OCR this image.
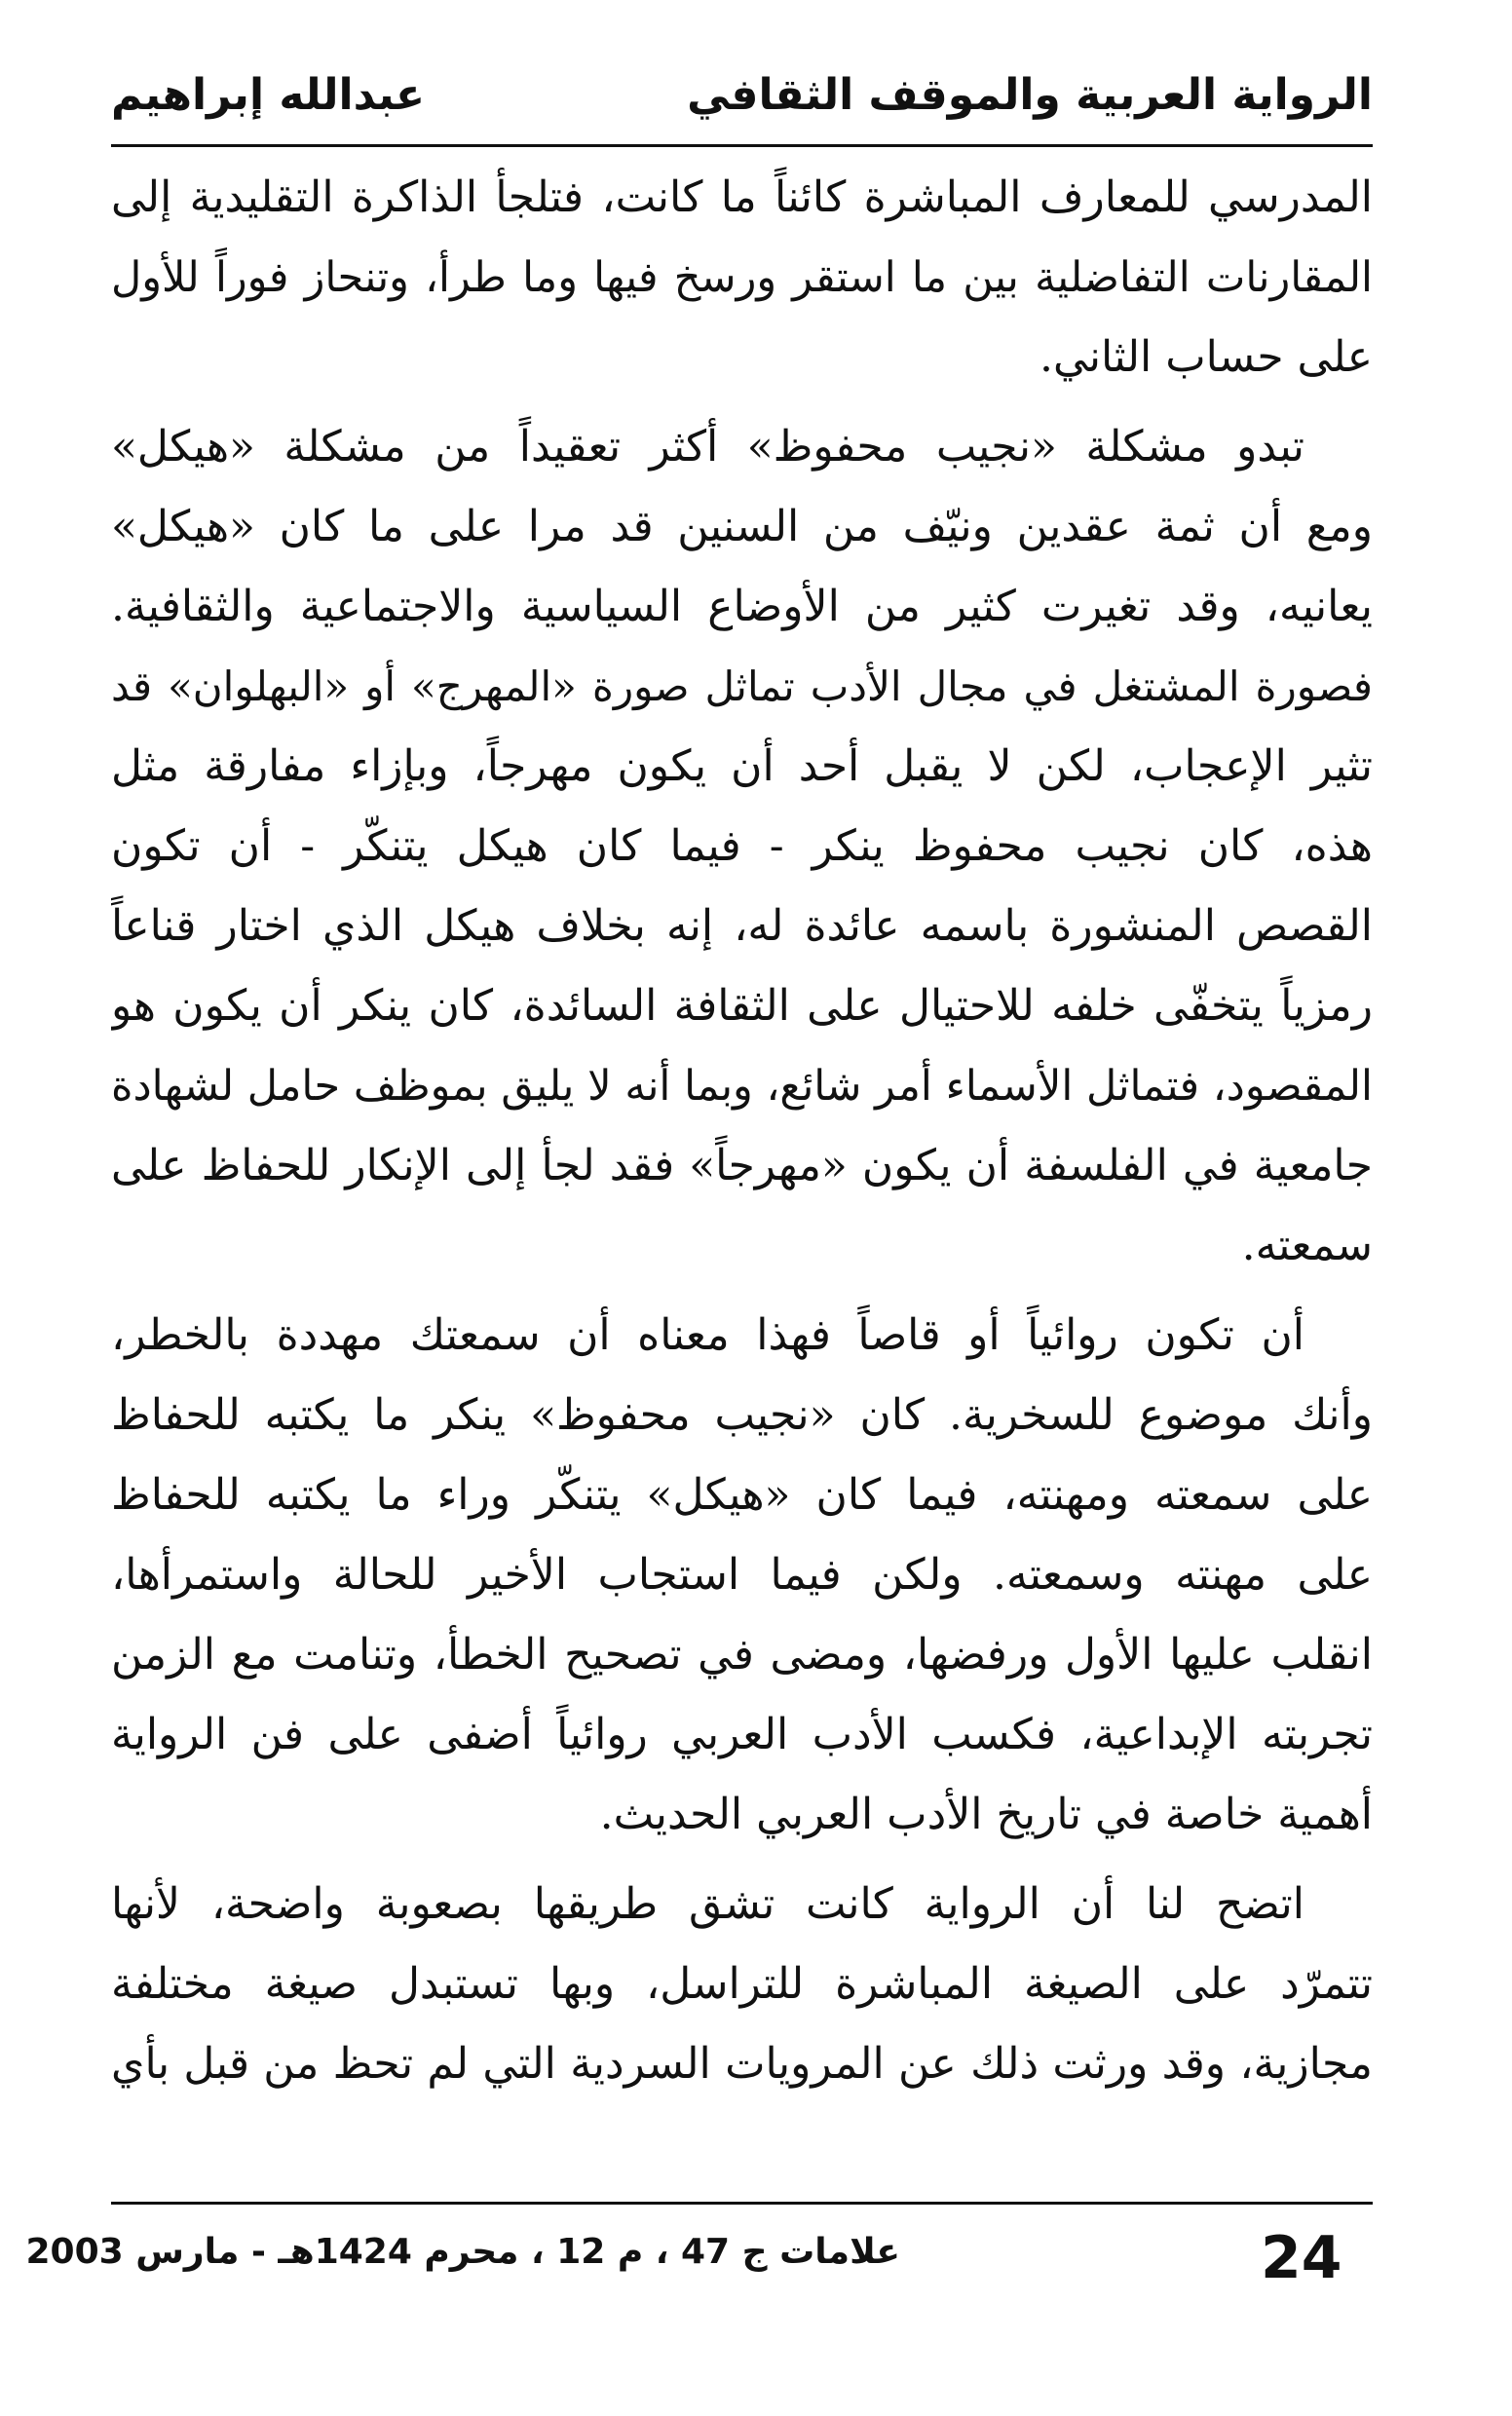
الرواية العربية والموقف الثقافي
عبدالله إبراهيم
المدرسي للمعارف المباشرة كائناً ما كانت، فتلجأ الذاكرة التقليدية إلى
المقارنات التفاضلية بين ما استقر ورسخ فيها وما طرأ، وتنحاز فوراً للأول
على حساب الثاني.
تبدو مشكلة «نجيب محفوظ» أكثر تعقيداً من مشكلة «هيكل»
ومع أن ثمة عقدين ونيّف من السنين قد مرا على ما كان «هيكل»
يعانيه، وقد تغيرت كثير من الأوضاع السياسية والاجتماعية والثقافية.
فصورة المشتغل في مجال الأدب تماثل صورة «المهرج» أو «البهلوان» قد
تثير الإعجاب، لكن لا يقبل أحد أن يكون مهرجاً، وبإزاء مفارقة مثل
هذه، كان نجيب محفوظ ينكر - فيما كان هيكل يتنكّر - أن تكون
القصص المنشورة باسمه عائدة له، إنه بخلاف هيكل الذي اختار قناعاً
رمزياً يتخفّى خلفه للاحتيال على الثقافة السائدة، كان ينكر أن يكون هو
المقصود، فتماثل الأسماء أمر شائع، وبما أنه لا يليق بموظف حامل لشهادة
جامعية في الفلسفة أن يكون «مهرجاً» فقد لجأ إلى الإنكار للحفاظ على
سمعته.
أن تكون روائياً أو قاصاً فهذا معناه أن سمعتك مهددة بالخطر،
وأنك موضوع للسخرية. كان «نجيب محفوظ» ينكر ما يكتبه للحفاظ
على سمعته ومهنته، فيما كان «هيكل» يتنكّر وراء ما يكتبه للحفاظ
على مهنته وسمعته. ولكن فيما استجاب الأخير للحالة واستمرأها،
انقلب عليها الأول ورفضها، ومضى في تصحيح الخطأ، وتنامت مع الزمن
تجربته الإبداعية، فكسب الأدب العربي روائياً أضفى على فن الرواية
أهمية خاصة في تاريخ الأدب العربي الحديث.
اتضح لنا أن الرواية كانت تشق طريقها بصعوبة واضحة، لأنها
تتمرّد على الصيغة المباشرة للتراسل، وبها تستبدل صيغة مختلفة
مجازية، وقد ورثت ذلك عن المرويات السردية التي لم تحظ من قبل بأي
علامات ج 47 ، م 12 ، محرم 1424هـ - مارس 2003	24
